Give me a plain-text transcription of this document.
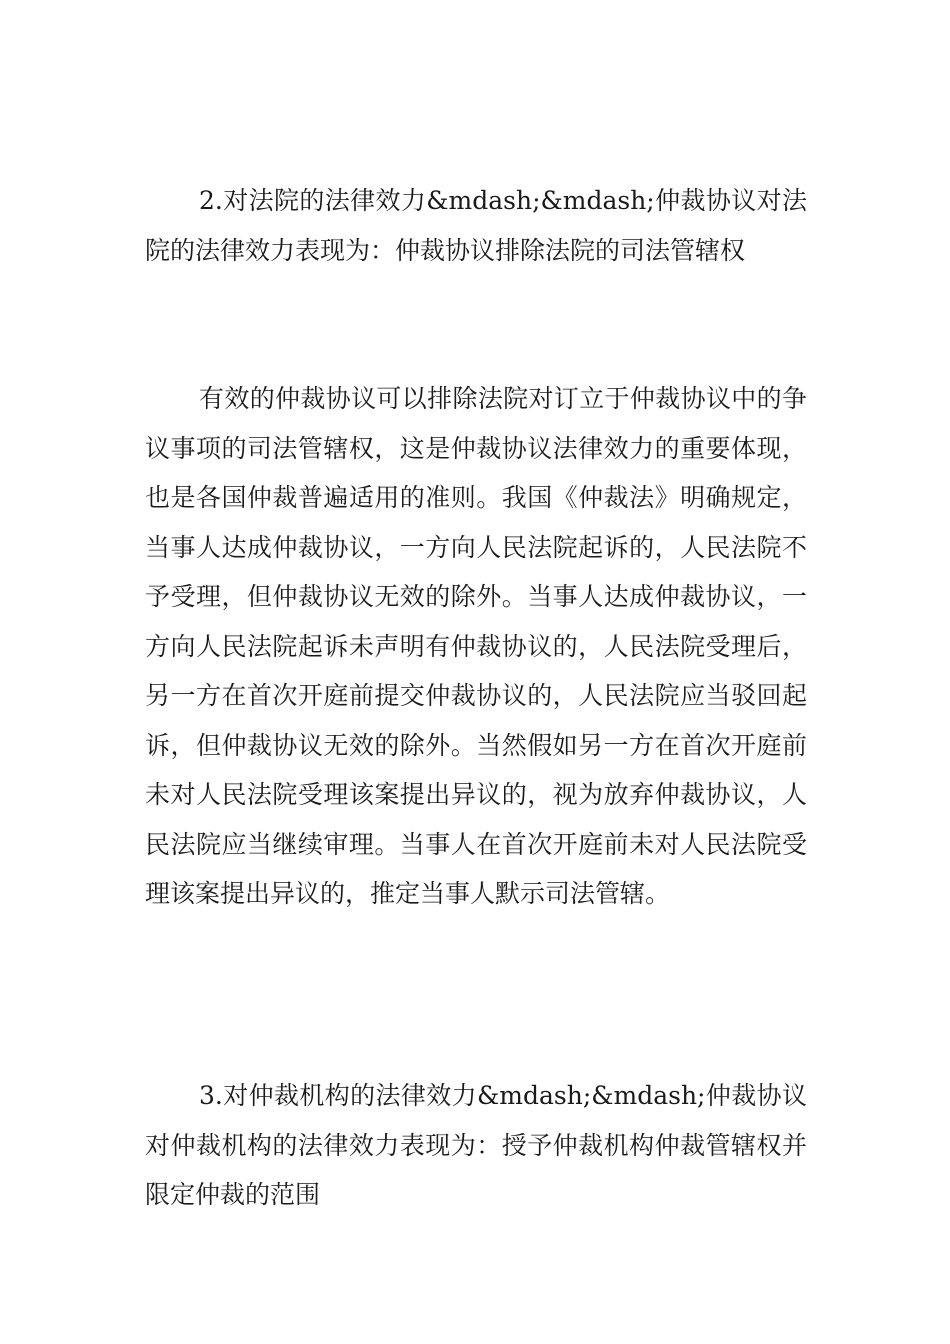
2.对法院的法律效力&mdash;&mdash;仲裁协议对法院的法律效力表现为：仲裁协议排除法院的司法管辖权

有效的仲裁协议可以排除法院对订立于仲裁协议中的争议事项的司法管辖权，这是仲裁协议法律效力的重要体现，也是各国仲裁普遍适用的准则。我国《仲裁法》明确规定，当事人达成仲裁协议，一方向人民法院起诉的，人民法院不予受理，但仲裁协议无效的除外。当事人达成仲裁协议，一方向人民法院起诉未声明有仲裁协议的，人民法院受理后，另一方在首次开庭前提交仲裁协议的，人民法院应当驳回起诉，但仲裁协议无效的除外。当然假如另一方在首次开庭前未对人民法院受理该案提出异议的，视为放弃仲裁协议，人民法院应当继续审理。当事人在首次开庭前未对人民法院受理该案提出异议的，推定当事人默示司法管辖。

3.对仲裁机构的法律效力&mdash;&mdash;仲裁协议对仲裁机构的法律效力表现为：授予仲裁机构仲裁管辖权并限定仲裁的范围
